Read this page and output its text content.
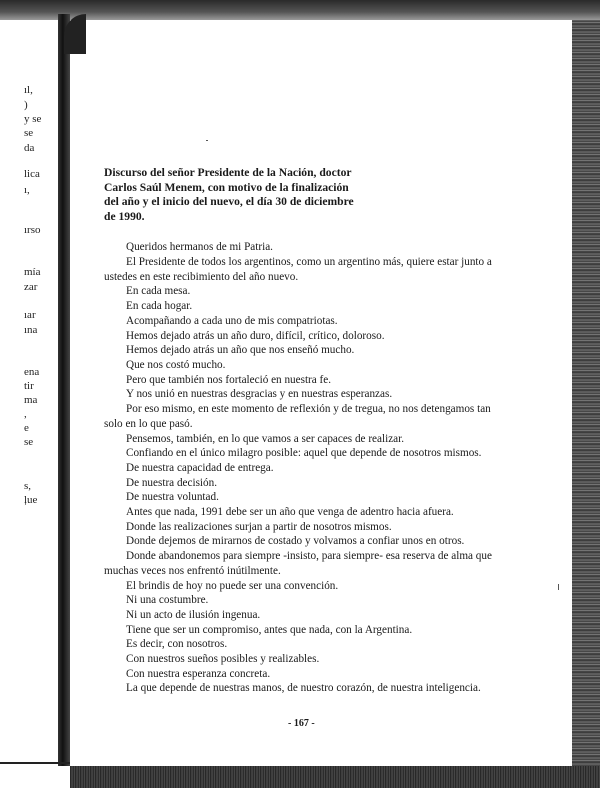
ıl,
)
y se
se
da
lica
ı,
ırso
mía
zar
ıar
ına
ena
tir
ma
,
e
se
s,
ļue
Discurso del señor Presidente de la Nación, doctor
Carlos Saúl Menem, con motivo de la finalización
del año y el inicio del nuevo, el día 30 de diciembre
de 1990.

Queridos hermanos de mi Patria.

El Presidente de todos los argentinos, como un argentino más, quiere estar junto a ustedes en este recibimiento del año nuevo.

En cada mesa.

En cada hogar.

Acompañando a cada uno de mis compatriotas.

Hemos dejado atrás un año duro, difícil, crítico, doloroso.

Hemos dejado atrás un año que nos enseñó mucho.

Que nos costó mucho.

Pero que también nos fortaleció en nuestra fe.

Y nos unió en nuestras desgracias y en nuestras esperanzas.

Por eso mismo, en este momento de reflexión y de tregua, no nos detengamos tan solo en lo que pasó.

Pensemos, también, en lo que vamos a ser capaces de realizar.

Confiando en el único milagro posible: aquel que depende de nosotros mismos.

De nuestra capacidad de entrega.

De nuestra decisión.

De nuestra voluntad.

Antes que nada, 1991 debe ser un año que venga de adentro hacia afuera.

Donde las realizaciones surjan a partir de nosotros mismos.

Donde dejemos de mirarnos de costado y volvamos a confiar unos en otros.

Donde abandonemos para siempre -insisto, para siempre- esa reserva de alma que muchas veces nos enfrentó inútilmente.

El brindis de hoy no puede ser una convención.

Ni una costumbre.

Ni un acto de ilusión ingenua.

Tiene que ser un compromiso, antes que nada, con la Argentina.

Es decir, con nosotros.

Con nuestros sueños posibles y realizables.

Con nuestra esperanza concreta.

La que depende de nuestras manos, de nuestro corazón, de nuestra inteligencia.

- 167 -
